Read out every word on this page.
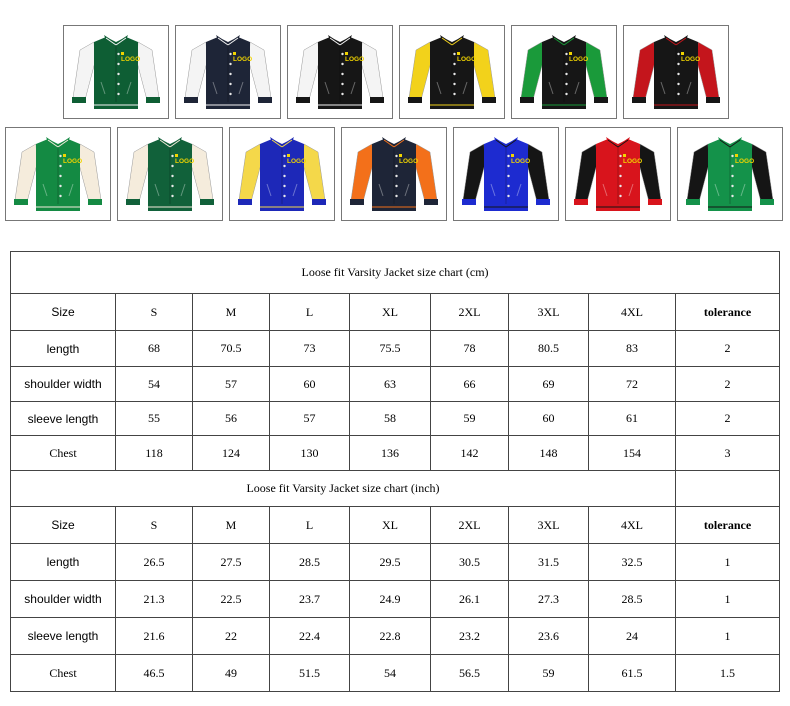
LOGO	LOGO	LOGO	LOGO	LOGO	LOGO
LOGO	LOGO	LOGO	LOGO	LOGO	LOGO	LOGO
Loose fit Varsity Jacket size chart (cm)								
Size	S	M	L	XL	2XL	3XL	4XL	tolerance
length	68	70.5	73	75.5	78	80.5	83	2
shoulder width	54	57	60	63	66	69	72	2
sleeve length	55	56	57	58	59	60	61	2
Chest	118	124	130	136	142	148	154	3
Loose fit Varsity Jacket size chart (inch)								
Size	S	M	L	XL	2XL	3XL	4XL	tolerance
length	26.5	27.5	28.5	29.5	30.5	31.5	32.5	1
shoulder width	21.3	22.5	23.7	24.9	26.1	27.3	28.5	1
sleeve length	21.6	22	22.4	22.8	23.2	23.6	24	1
Chest	46.5	49	51.5	54	56.5	59	61.5	1.5
